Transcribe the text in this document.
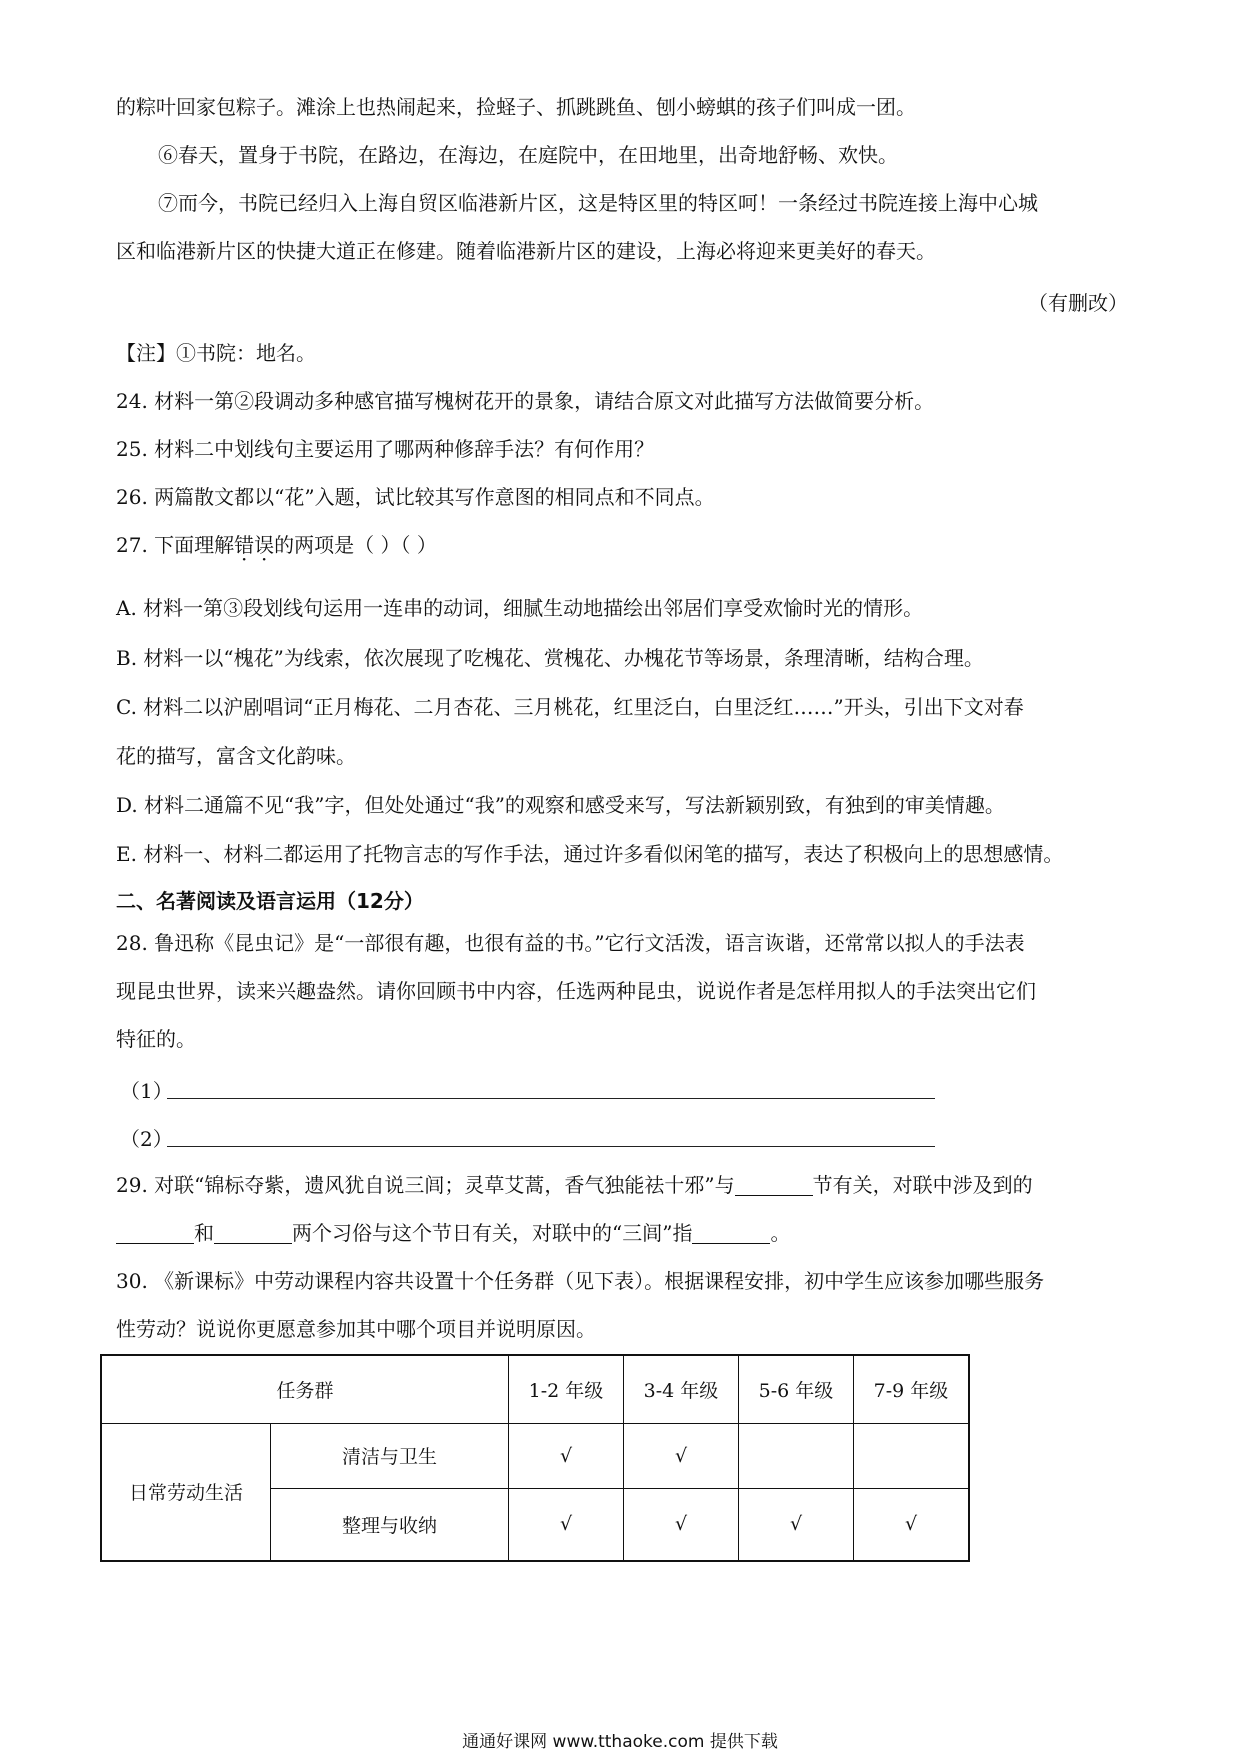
的粽叶回家包粽子。滩涂上也热闹起来，捡蛏子、抓跳跳鱼、刨小螃蜞的孩子们叫成一团。
⑥春天，置身于书院，在路边，在海边，在庭院中，在田地里，出奇地舒畅、欢快。
⑦而今，书院已经归入上海自贸区临港新片区，这是特区里的特区呵！一条经过书院连接上海中心城
区和临港新片区的快捷大道正在修建。随着临港新片区的建设，上海必将迎来更美好的春天。
（有删改）
【注】①书院：地名。
24. 材料一第②段调动多种感官描写槐树花开的景象，请结合原文对此描写方法做简要分析。
25. 材料二中划线句主要运用了哪两种修辞手法？有何作用？
26. 两篇散文都以“花”入题，试比较其写作意图的相同点和不同点。
27. 下面理解错误的两项是（ ）（ ）
A. 材料一第③段划线句运用一连串的动词，细腻生动地描绘出邻居们享受欢愉时光的情形。
B. 材料一以“槐花”为线索，依次展现了吃槐花、赏槐花、办槐花节等场景，条理清晰，结构合理。
C. 材料二以沪剧唱词“正月梅花、二月杏花、三月桃花，红里泛白，白里泛红……”开头，引出下文对春
花的描写，富含文化韵味。
D. 材料二通篇不见“我”字，但处处通过“我”的观察和感受来写，写法新颖别致，有独到的审美情趣。
E. 材料一、材料二都运用了托物言志的写作手法，通过许多看似闲笔的描写，表达了积极向上的思想感情。
二、名著阅读及语言运用（12分）
28. 鲁迅称《昆虫记》是“一部很有趣，也很有益的书。”它行文活泼，语言诙谐，还常常以拟人的手法表
现昆虫世界，读来兴趣盎然。请你回顾书中内容，任选两种昆虫，说说作者是怎样用拟人的手法突出它们
特征的。
（1）
（2）
29. 对联“锦标夺紫，遗风犹自说三闾；灵草艾蒿，香气独能祛十邪”与	节有关，对联中涉及到的
和	两个习俗与这个节日有关，对联中的“三闾”指	。
30. 《新课标》中劳动课程内容共设置十个任务群（见下表）。根据课程安排，初中学生应该参加哪些服务
性劳动？说说你更愿意参加其中哪个项目并说明原因。
任务群		1-2 年级	3-4 年级	5-6 年级	7-9 年级
日常劳动生活	清洁与卫生	√	√		
	整理与收纳	√	√	√	√
通通好课网 www.tthaoke.com 提供下载
